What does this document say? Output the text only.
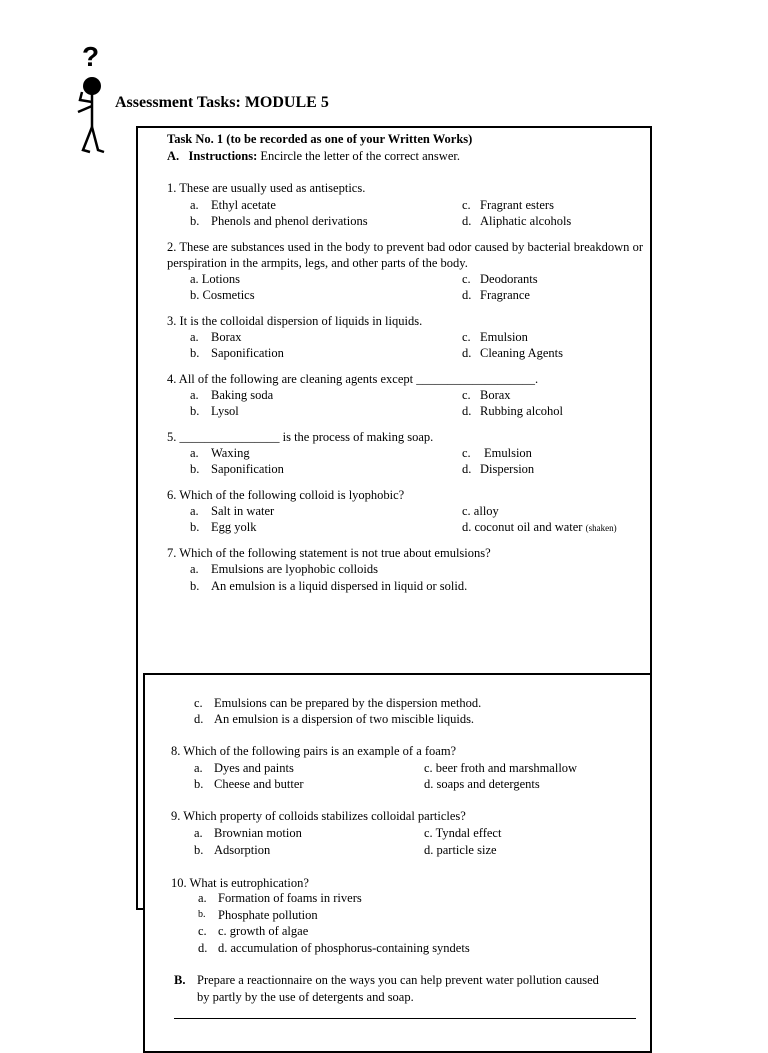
?
Assessment Tasks: MODULE 5
Task No. 1 (to be recorded as one of your Written Works)
A. Instructions: Encircle the letter of the correct answer.
1. These are usually used as antiseptics.
a. Ethyl acetate
b. Phenols and phenol derivations
c. Fragrant esters
d. Aliphatic alcohols
2. These are substances used in the body to prevent bad odor caused by bacterial breakdown or perspiration in the armpits, legs, and other parts of the body.
a. Lotions
b. Cosmetics
c. Deodorants
d. Fragrance
3. It is the colloidal dispersion of liquids in liquids.
a. Borax
b. Saponification
c. Emulsion
d. Cleaning Agents
4. All of the following are cleaning agents except ___________________.
a. Baking soda
b. Lysol
c. Borax
d. Rubbing alcohol
5. ________________ is the process of making soap.
a. Waxing
b. Saponification
c. Emulsion
d. Dispersion
6. Which of the following colloid is lyophobic?
a. Salt in water
b. Egg yolk
c. alloy
d. coconut oil and water (shaken)
7. Which of the following statement is not true about emulsions?
a. Emulsions are lyophobic colloids
b. An emulsion is a liquid dispersed in liquid or solid.
c. Emulsions can be prepared by the dispersion method.
d. An emulsion is a dispersion of two miscible liquids.
8. Which of the following pairs is an example of a foam?
a. Dyes and paints
b. Cheese and butter
c. beer froth and marshmallow
d. soaps and detergents
9. Which property of colloids stabilizes colloidal particles?
a. Brownian motion
b. Adsorption
c. Tyndal effect
d. particle size
10. What is eutrophication?
a. Formation of foams in rivers
b. Phosphate pollution
c. c. growth of algae
d. d. accumulation of phosphorus-containing syndets
B. Prepare a reactionnaire on the ways you can help prevent water pollution caused
by partly by the use of detergents and soap.
